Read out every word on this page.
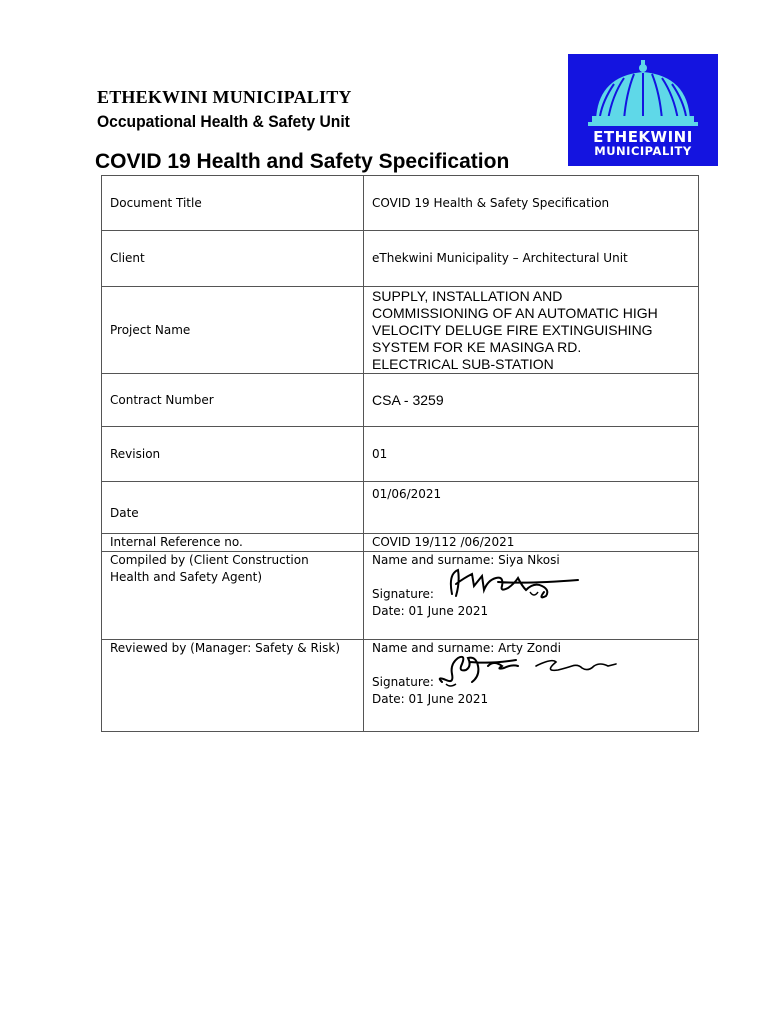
ETHEKWINI MUNICIPALITY
Occupational Health & Safety Unit
COVID 19 Health and Safety Specification
ETHEKWINI
MUNICIPALITY
Document Title	COVID 19 Health & Safety Specification
Client	eThekwini Municipality – Architectural Unit
Project Name	SUPPLY, INSTALLATION AND
COMMISSIONING OF AN AUTOMATIC HIGH
VELOCITY DELUGE FIRE EXTINGUISHING
SYSTEM FOR KE MASINGA RD.
ELECTRICAL SUB-STATION

Contract Number	CSA - 3259
Revision	01
Date	01/06/2021
Internal Reference no.	COVID 19/112 /06/2021

Compiled by (Client Construction
Health and Safety Agent)	Name and surname: Siya Nkosi
Signature:
Date: 01 June 2021

Reviewed by (Manager: Safety & Risk)	Name and surname: Arty Zondi
Signature:
Date: 01 June 2021
